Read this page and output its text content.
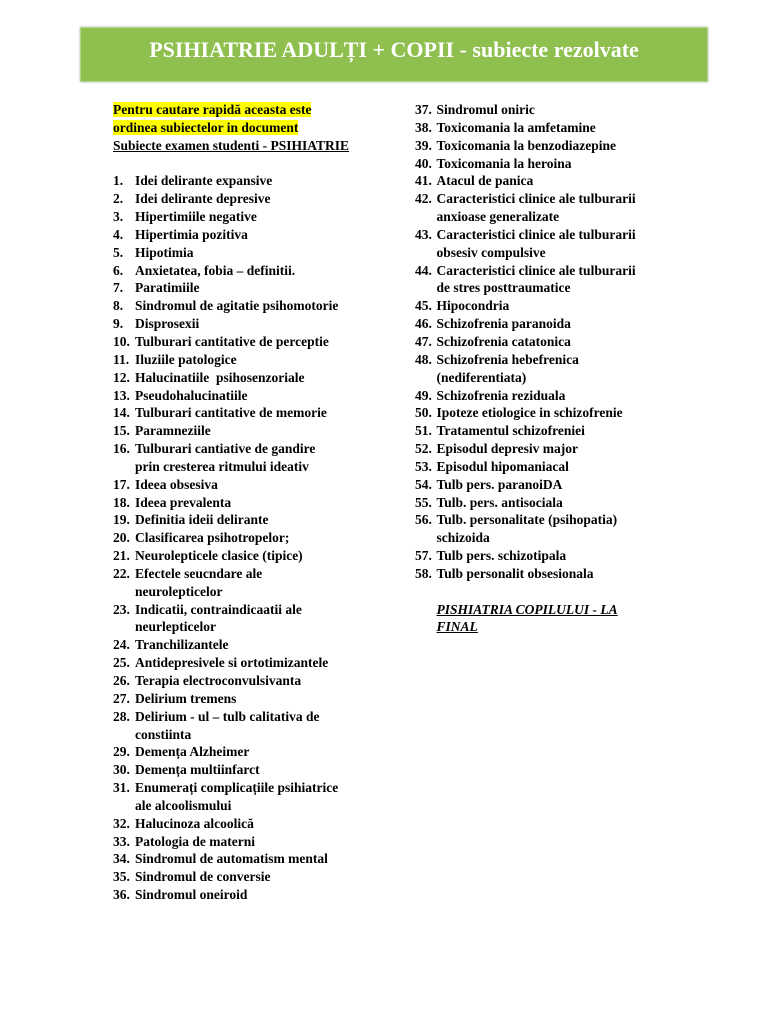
PSIHIATRIE ADULȚI + COPII - subiecte rezolvate
Pentru cautare rapidă aceasta este
ordinea subiectelor in document
Subiecte examen studenti - PSIHIATRIE
1. Idei delirante expansive
2. Idei delirante depresive
3. Hipertimiile negative
4. Hipertimia pozitiva
5. Hipotimia
6. Anxietatea, fobia – definitii.
7. Paratimiile
8. Sindromul de agitatie psihomotorie
9. Disprosexii
10. Tulburari cantitative de perceptie
11. Iluziile patologice
12. Halucinatiile  psihosenzoriale
13. Pseudohalucinatiile
14. Tulburari cantitative de memorie
15. Paramneziile
16. Tulburari cantiative de gandire
prin cresterea ritmului ideativ
17. Ideea obsesiva
18. Ideea prevalenta
19. Definitia ideii delirante
20. Clasificarea psihotropelor;
21. Neurolepticele clasice (tipice)
22. Efectele seucndare ale
neurolepticelor
23. Indicatii, contraindicaatii ale
neurlepticelor
24. Tranchilizantele
25. Antidepresivele si ortotimizantele
26. Terapia electroconvulsivanta
27. Delirium tremens
28. Delirium - ul – tulb calitativa de
constiinta
29. Demența Alzheimer
30. Demența multiinfarct
31. Enumerați complicațiile psihiatrice
ale alcoolismului
32. Halucinoza alcoolică
33. Patologia de materni
34. Sindromul de automatism mental
35. Sindromul de conversie
36. Sindromul oneiroid
37. Sindromul oniric
38. Toxicomania la amfetamine
39. Toxicomania la benzodiazepine
40. Toxicomania la heroina
41. Atacul de panica
42. Caracteristici clinice ale tulburarii
anxioase generalizate
43. Caracteristici clinice ale tulburarii
obsesiv compulsive
44. Caracteristici clinice ale tulburarii
de stres posttraumatice
45. Hipocondria
46. Schizofrenia paranoida
47. Schizofrenia catatonica
48. Schizofrenia hebefrenica
(nediferentiata)
49. Schizofrenia reziduala
50. Ipoteze etiologice in schizofrenie
51. Tratamentul schizofreniei
52. Episodul depresiv major
53. Episodul hipomaniacal
54. Tulb pers. paranoiDA
55. Tulb. pers. antisociala
56. Tulb. personalitate (psihopatia)
schizoida
57. Tulb pers. schizotipala
58. Tulb personalit obsesionala
PISHIATRIA COPILULUI - LA
FINAL
